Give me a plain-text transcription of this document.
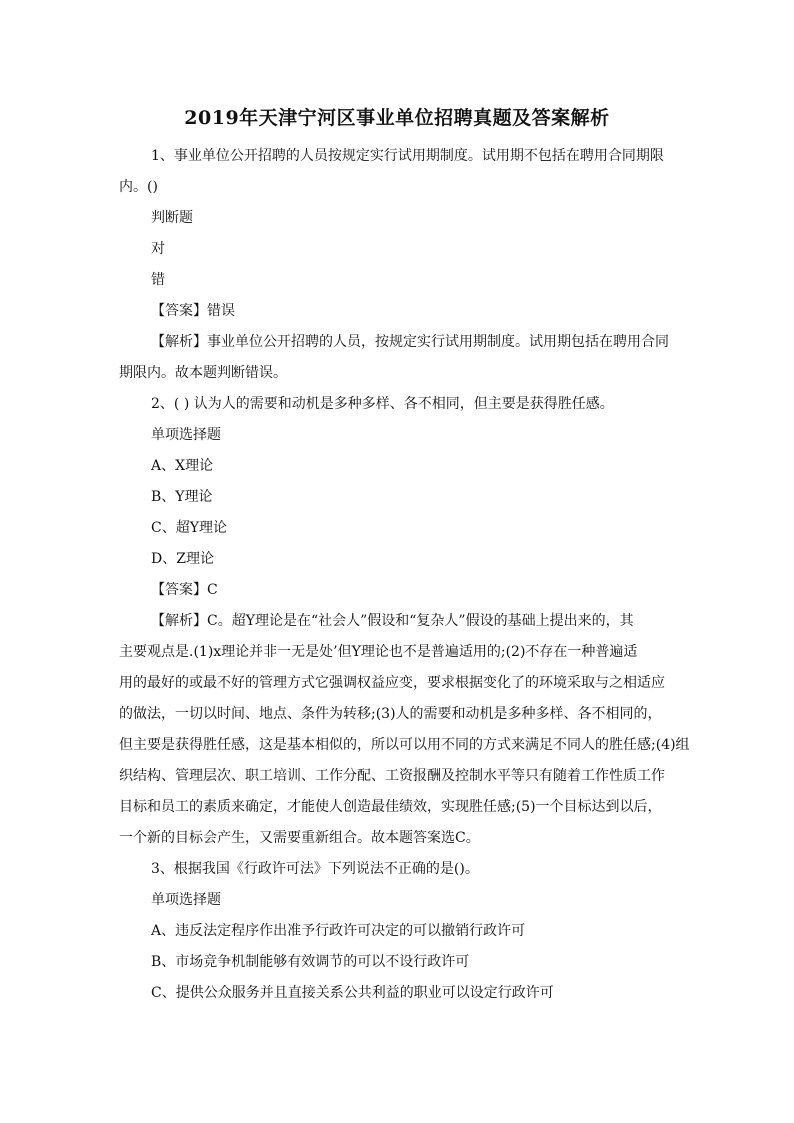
2019年天津宁河区事业单位招聘真题及答案解析

1、事业单位公开招聘的人员按规定实行试用期制度。试用期不包括在聘用合同期限

内。()

判断题

对

错

【答案】错误

【解析】事业单位公开招聘的人员，按规定实行试用期制度。试用期包括在聘用合同

期限内。故本题判断错误。

2、( ) 认为人的需要和动机是多种多样、各不相同，但主要是获得胜任感。

单项选择题

A、X理论

B、Y理论

C、超Y理论

D、Z理论

【答案】C

【解析】C。超Y理论是在“社会人”假设和“复杂人”假设的基础上提出来的，其

主要观点是.(1)x理论并非一无是处’但Y理论也不是普遍适用的;(2)不存在一种普遍适

用的最好的或最不好的管理方式它强调权益应变，要求根据变化了的环境采取与之相适应

的做法，一切以时间、地点、条件为转移;(3)人的需要和动机是多种多样、各不相同的，

但主要是获得胜任感，这是基本相似的，所以可以用不同的方式来满足不同人的胜任感;(4)组

织结构、管理层次、职工培训、工作分配、工资报酬及控制水平等只有随着工作性质工作

目标和员工的素质来确定，才能使人创造最佳绩效，实现胜任感;(5)一个目标达到以后，

一个新的目标会产生，又需要重新组合。故本题答案选C。

3、根据我国《行政许可法》下列说法不正确的是()。

单项选择题

A、违反法定程序作出准予行政许可决定的可以撤销行政许可

B、市场竞争机制能够有效调节的可以不设行政许可

C、提供公众服务并且直接关系公共利益的职业可以设定行政许可
